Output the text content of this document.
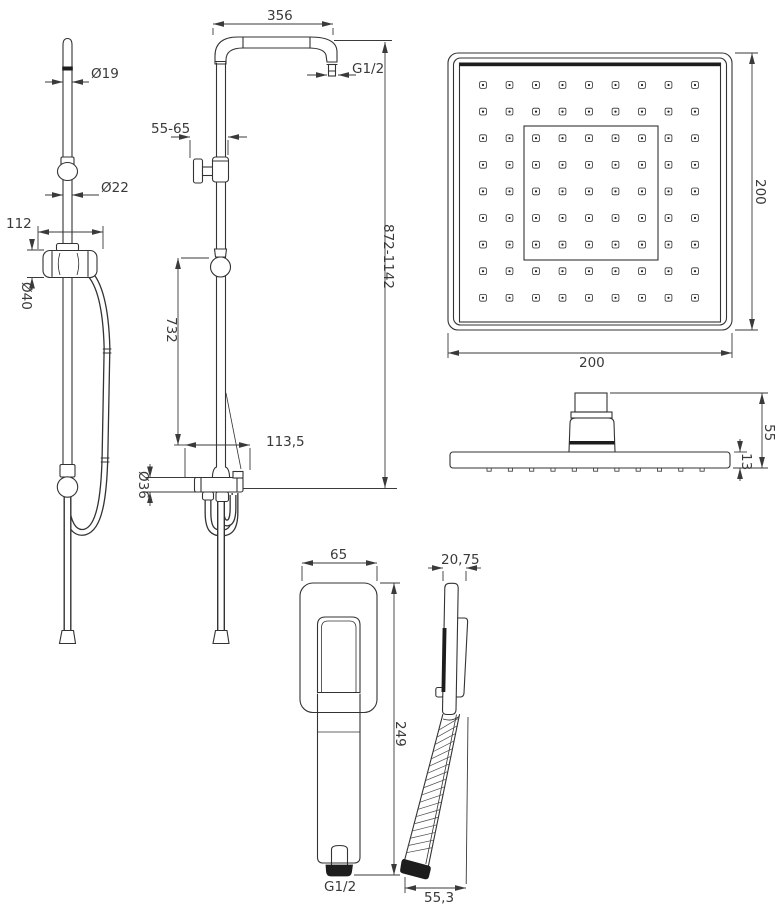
Ø19
Ø22
112
Ø40
356
G1/2
55-65
872-1142
732
113,5
Ø36
200
200
55
13
G1/2
65
249
20,75
55,3
